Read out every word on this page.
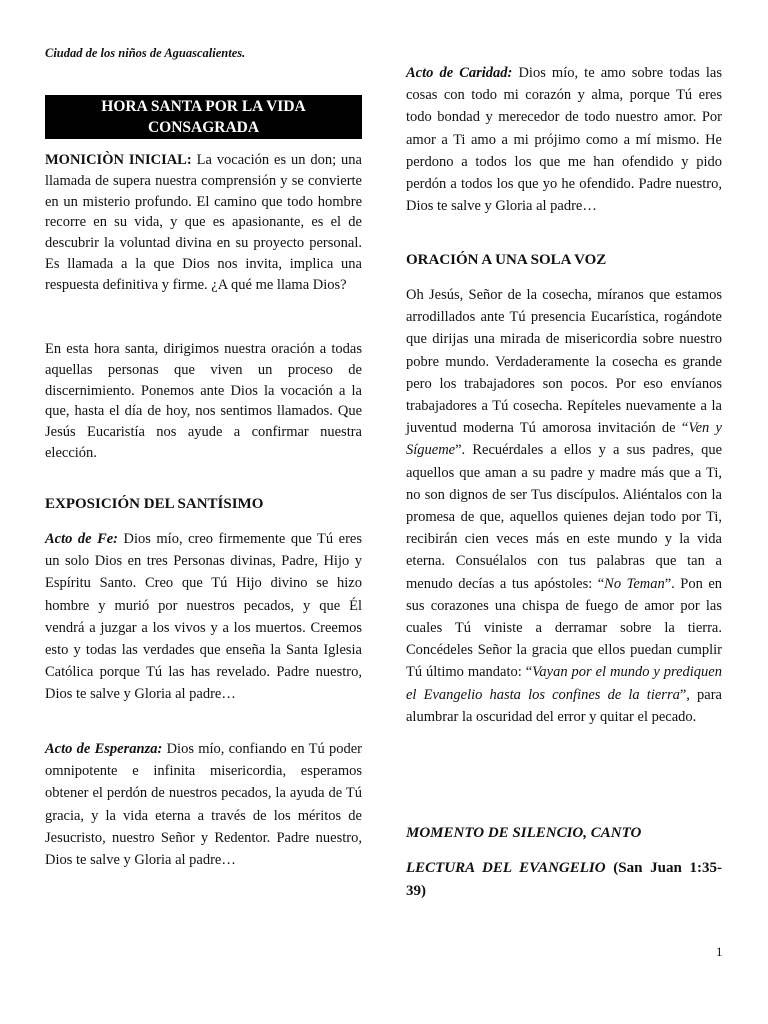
Ciudad de los niños de Aguascalientes.
HORA SANTA POR LA VIDA
CONSAGRADA

MONICIÒN INICIAL: La vocación es un don; una llamada de supera nuestra comprensión y se convierte en un misterio profundo. El camino que todo hombre recorre en su vida, y que es apasionante, es el de descubrir la voluntad divina en su proyecto personal. Es llamada a la que Dios nos invita, implica una respuesta definitiva y firme. ¿A qué me llama Dios?

En esta hora santa, dirigimos nuestra oración a todas aquellas personas que viven un proceso de discernimiento. Ponemos ante Dios la vocación a la que, hasta el día de hoy, nos sentimos llamados. Que Jesús Eucaristía nos ayude a confirmar nuestra elección.

EXPOSICIÓN DEL SANTÍSIMO

Acto de Fe: Dios mío, creo firmemente que Tú eres un solo Dios en tres Personas divinas, Padre, Hijo y Espíritu Santo. Creo que Tú Hijo divino se hizo hombre y murió por nuestros pecados, y que Él vendrá a juzgar a los vivos y a los muertos. Creemos esto y todas las verdades que enseña la Santa Iglesia Católica porque Tú las has revelado. Padre nuestro, Dios te salve y Gloria al padre…

Acto de Esperanza: Dios mío, confiando en Tú poder omnipotente e infinita misericordia, esperamos obtener el perdón de nuestros pecados, la ayuda de Tú gracia, y la vida eterna a través de los méritos de Jesucristo, nuestro Señor y Redentor. Padre nuestro, Dios te salve y Gloria al padre…

Acto de Caridad: Dios mío, te amo sobre todas las cosas con todo mi corazón y alma, porque Tú eres todo bondad y merecedor de todo nuestro amor. Por amor a Ti amo a mi prójimo como a mí mismo. He perdono a todos los que me han ofendido y pido perdón a todos los que yo he ofendido. Padre nuestro, Dios te salve y Gloria al padre…

ORACIÓN A UNA SOLA VOZ

Oh Jesús, Señor de la cosecha, míranos que estamos arrodillados ante Tú presencia Eucarística, rogándote que dirijas una mirada de misericordia sobre nuestro pobre mundo. Verdaderamente la cosecha es grande pero los trabajadores son pocos. Por eso envíanos trabajadores a Tú cosecha. Repíteles nuevamente a la juventud moderna Tú amorosa invitación de “Ven y Sígueme”. Recuérdales a ellos y a sus padres, que aquellos que aman a su padre y madre más que a Ti, no son dignos de ser Tus discípulos. Aliéntalos con la promesa de que, aquellos quienes dejan todo por Ti, recibirán cien veces más en este mundo y la vida eterna. Consuélalos con tus palabras que tan a menudo decías a tus apóstoles: “No Teman”. Pon en sus corazones una chispa de fuego de amor por las cuales Tú viniste a derramar sobre la tierra. Concédeles Señor la gracia que ellos puedan cumplir Tú último mandato: “Vayan por el mundo y prediquen el Evangelio hasta los confines de la tierra”, para alumbrar la oscuridad del error y quitar el pecado.

MOMENTO DE SILENCIO, CANTO

LECTURA DEL EVANGELIO (San Juan 1:35-39)

1
